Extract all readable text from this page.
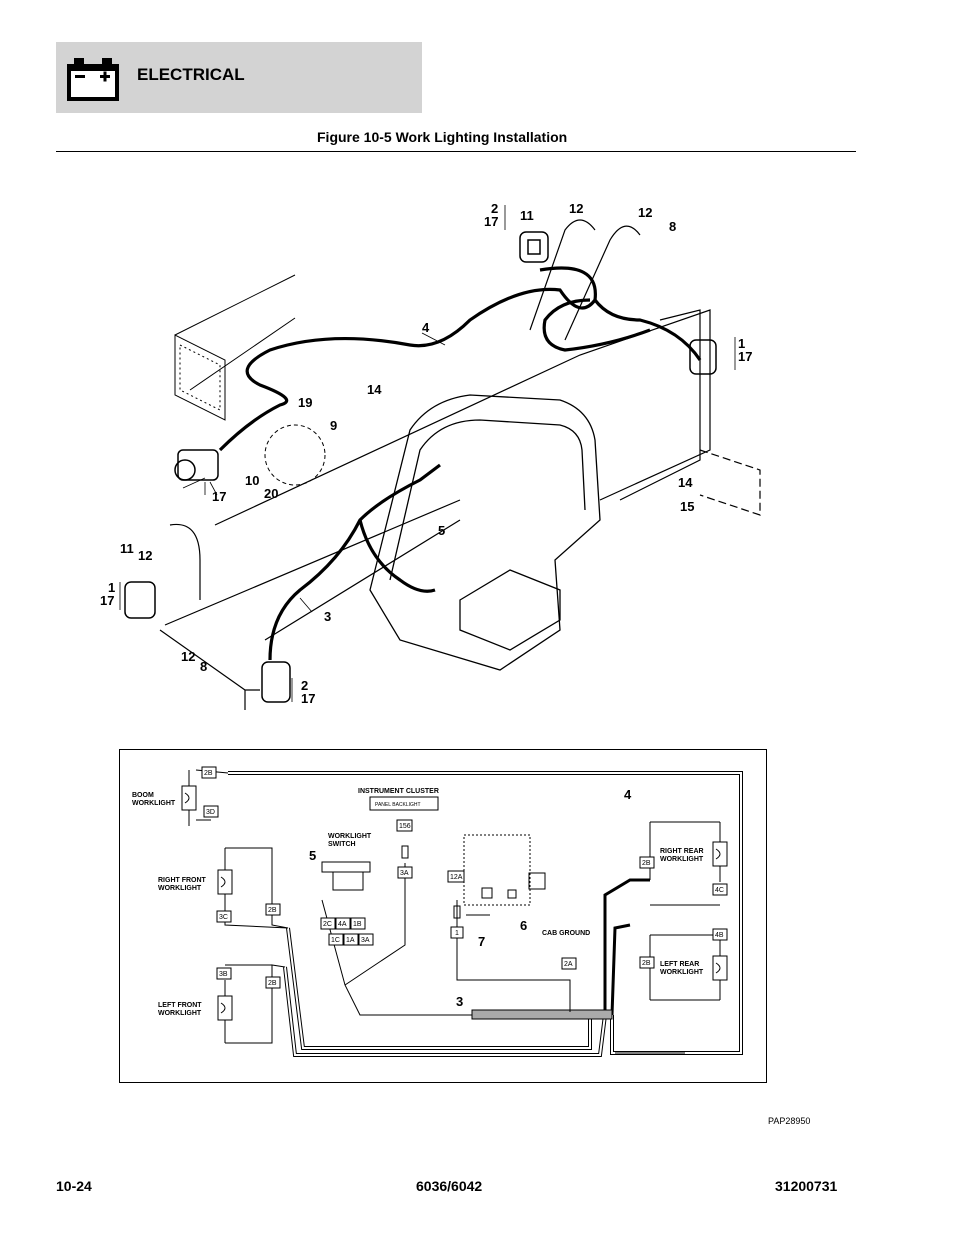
ELECTRICAL
Figure 10-5 Work Lighting Installation
2
17 11	12	12
8
1
17
4
14
19
9
10
20
17
14
15
5
11 12
1
17
3
12
8
2
17
2B
3D
3C
2B
3B
2B
156
3A
2C 4A 1B
1C 1A 3A
12A
1
2A
2B
4C
4B
2B
BOOM
WORKLIGHT
RIGHT FRONT
WORKLIGHT
LEFT FRONT
WORKLIGHT
RIGHT REAR
WORKLIGHT
LEFT REAR
WORKLIGHT
INSTRUMENT CLUSTER
WORKLIGHT
SWITCH
CAB GROUND
PANEL BACKLIGHT
4
5
6
7
3
PAP28950
10-24	6036/6042	31200731
